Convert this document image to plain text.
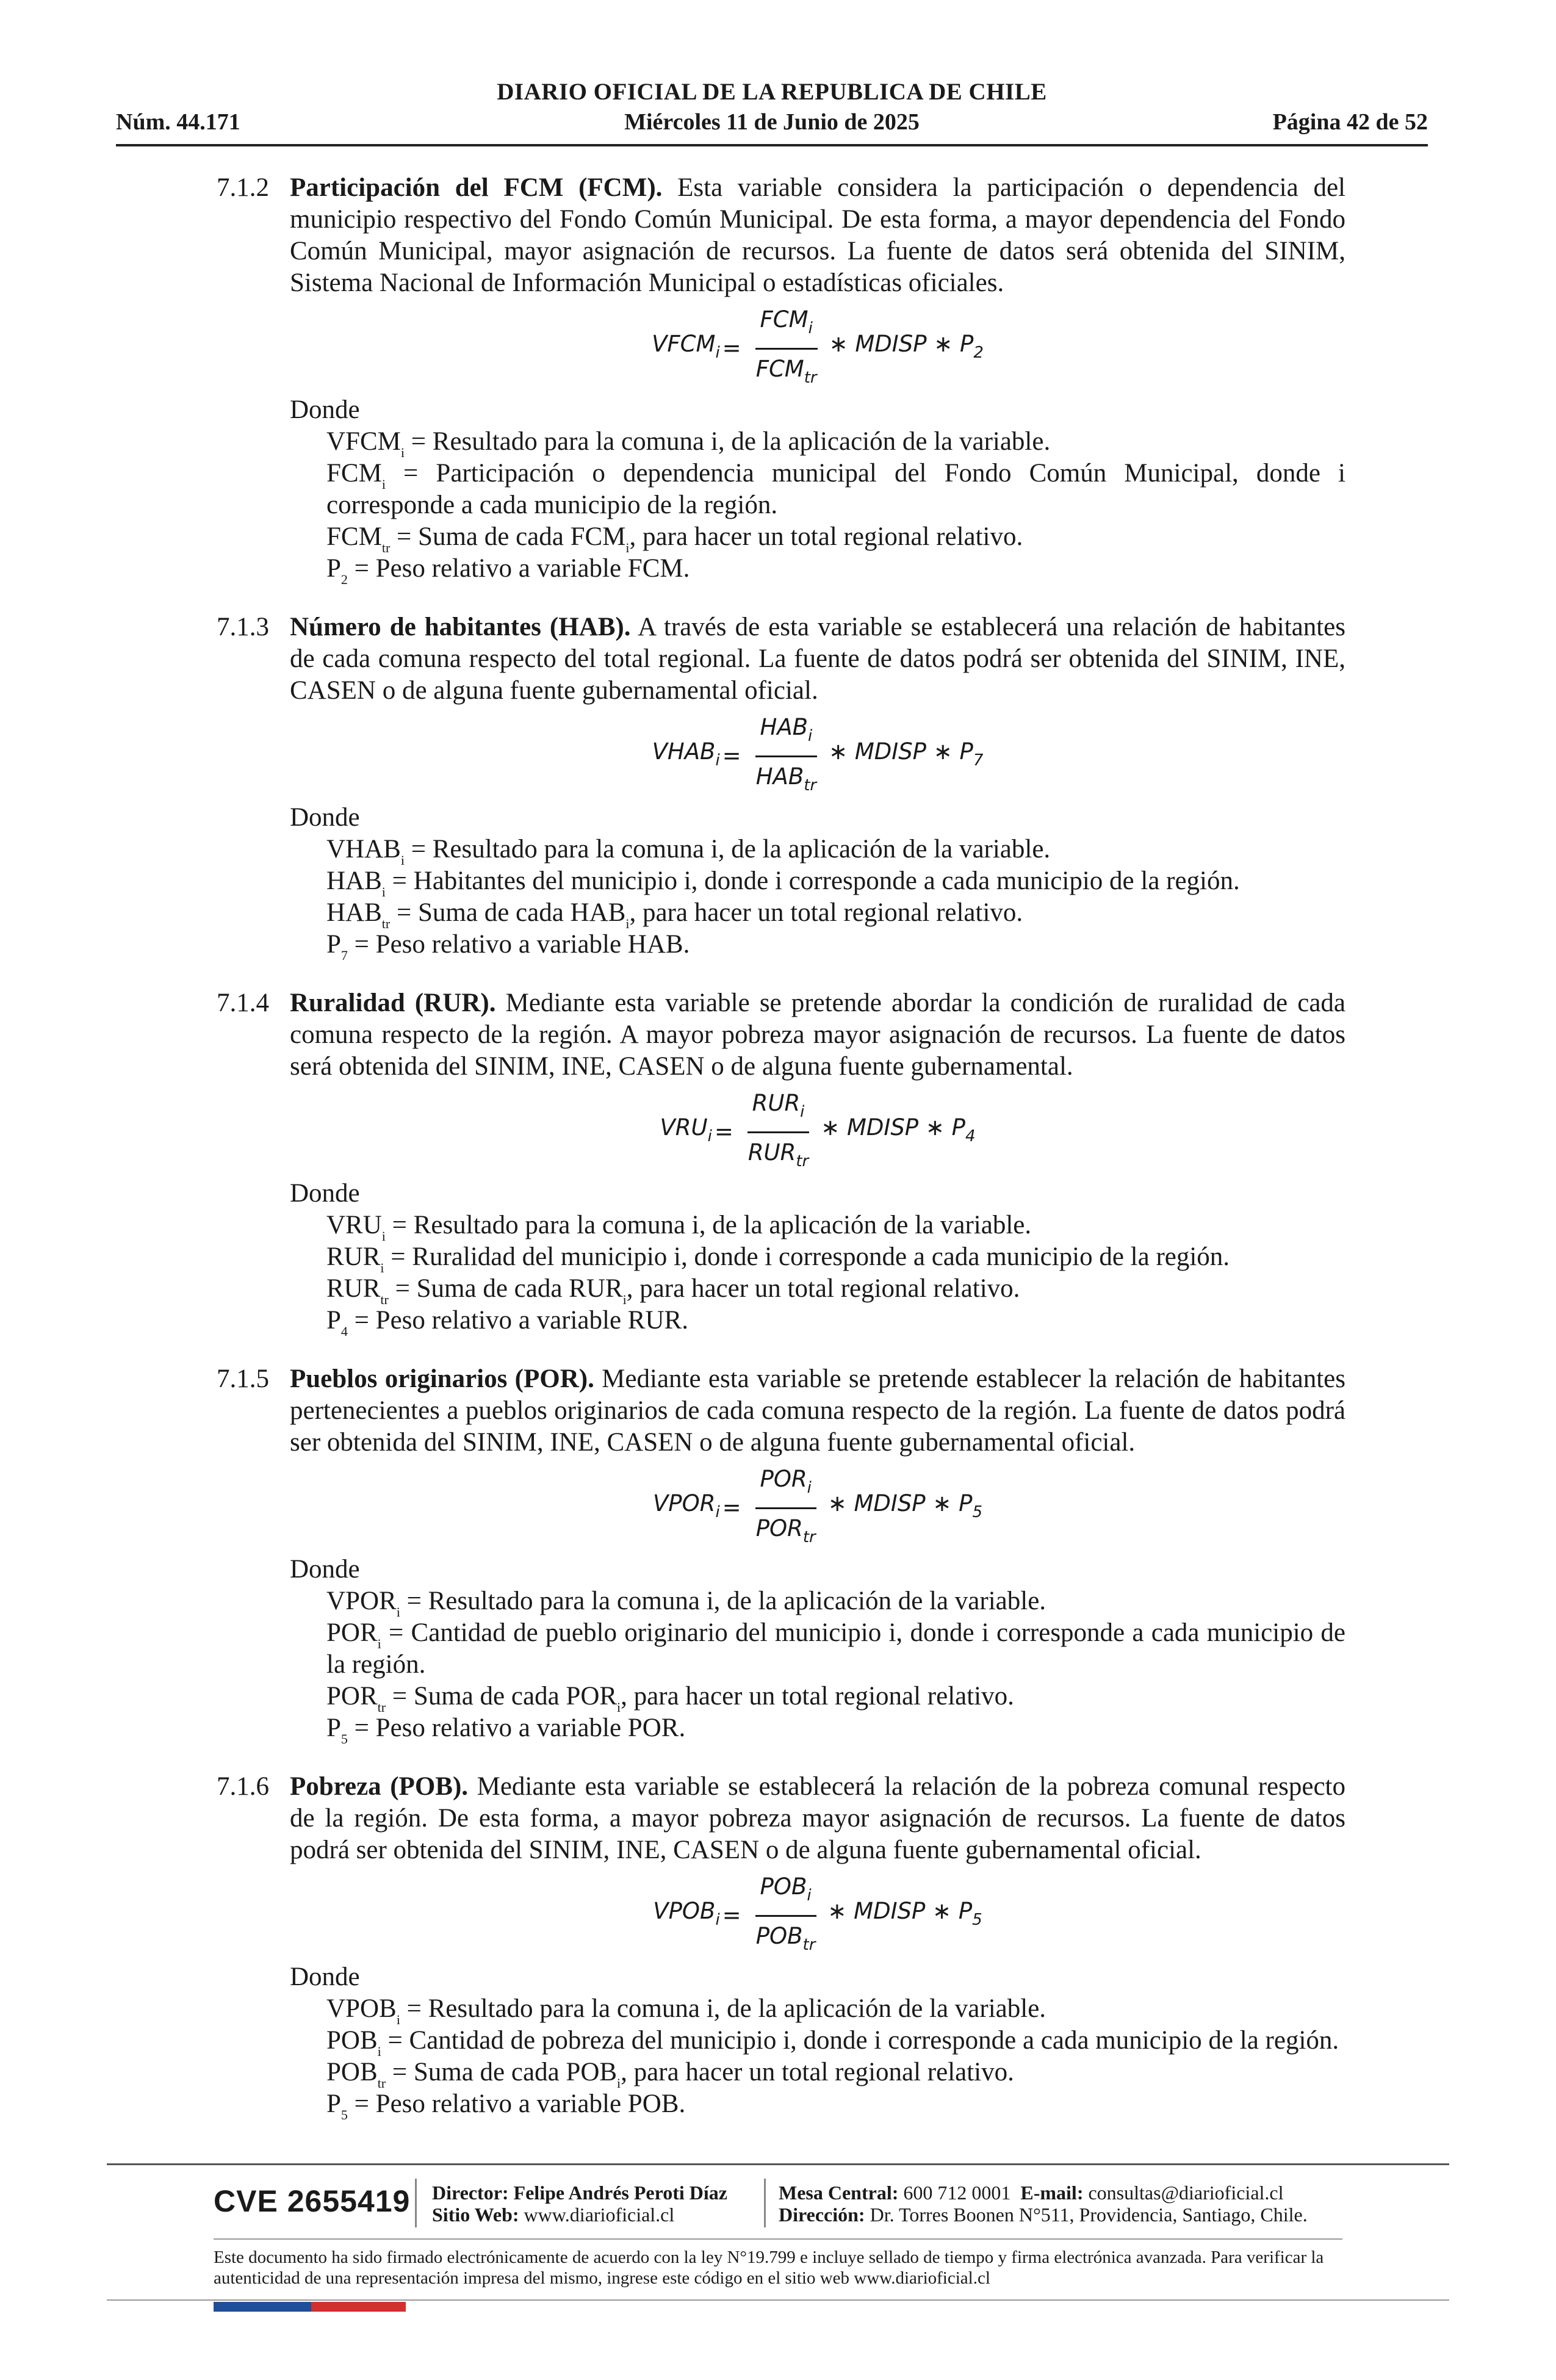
DIARIO OFICIAL DE LA REPUBLICA DE CHILE
Núm. 44.171	Miércoles 11 de Junio de 2025	Página 42 de 52
7.1.2 Participación del FCM (FCM). Esta variable considera la participación o dependencia del municipio respectivo del Fondo Común Municipal. De esta forma, a mayor dependencia del Fondo Común Municipal, mayor asignación de recursos. La fuente de datos será obtenida del SINIM, Sistema Nacional de Información Municipal o estadísticas oficiales.
$VFCM_i = \frac{FCM_i}{FCM_{tr}}$ ∗ MDISP ∗ $P_2$
Donde
$VFCM_i$ = Resultado para la comuna i, de la aplicación de la variable.
$FCM_i$ = Participación o dependencia municipal del Fondo Común Municipal, donde i corresponde a cada municipio de la región.
$FCM_{tr}$ = Suma de cada $FCM_i$, para hacer un total regional relativo.
$P_2$ = Peso relativo a variable FCM.
7.1.3 Número de habitantes (HAB). A través de esta variable se establecerá una relación de habitantes de cada comuna respecto del total regional. La fuente de datos podrá ser obtenida del SINIM, INE, CASEN o de alguna fuente gubernamental oficial.
$VHAB_i = \frac{HAB_i}{HAB_{tr}}$ ∗ MDISP ∗ $P_7$
Donde
$VHAB_i$ = Resultado para la comuna i, de la aplicación de la variable.
$HAB_i$ = Habitantes del municipio i, donde i corresponde a cada municipio de la región.
$HAB_{tr}$ = Suma de cada $HAB_i$, para hacer un total regional relativo.
$P_7$ = Peso relativo a variable HAB.
7.1.4 Ruralidad (RUR). Mediante esta variable se pretende abordar la condición de ruralidad de cada comuna respecto de la región. A mayor pobreza mayor asignación de recursos. La fuente de datos será obtenida del SINIM, INE, CASEN o de alguna fuente gubernamental.
$VRU_i = \frac{RUR_i}{RUR_{tr}}$ ∗ MDISP ∗ $P_4$
Donde
$VRU_i$ = Resultado para la comuna i, de la aplicación de la variable.
$RUR_i$ = Ruralidad del municipio i, donde i corresponde a cada municipio de la región.
$RUR_{tr}$ = Suma de cada $RUR_i$, para hacer un total regional relativo.
$P_4$ = Peso relativo a variable RUR.
7.1.5 Pueblos originarios (POR). Mediante esta variable se pretende establecer la relación de habitantes pertenecientes a pueblos originarios de cada comuna respecto de la región. La fuente de datos podrá ser obtenida del SINIM, INE, CASEN o de alguna fuente gubernamental oficial.
$VPOR_i = \frac{POR_i}{POR_{tr}}$ ∗ MDISP ∗ $P_5$
Donde
$VPOR_i$ = Resultado para la comuna i, de la aplicación de la variable.
$POR_i$ = Cantidad de pueblo originario del municipio i, donde i corresponde a cada municipio de la región.
$POR_{tr}$ = Suma de cada $POR_i$, para hacer un total regional relativo.
$P_5$ = Peso relativo a variable POR.
7.1.6 Pobreza (POB). Mediante esta variable se establecerá la relación de la pobreza comunal respecto de la región. De esta forma, a mayor pobreza mayor asignación de recursos. La fuente de datos podrá ser obtenida del SINIM, INE, CASEN o de alguna fuente gubernamental oficial.
$VPOB_i = \frac{POB_i}{POB_{tr}}$ ∗ MDISP ∗ $P_5$
Donde
$VPOB_i$ = Resultado para la comuna i, de la aplicación de la variable.
$POB_i$ = Cantidad de pobreza del municipio i, donde i corresponde a cada municipio de la región.
$POB_{tr}$ = Suma de cada $POB_i$, para hacer un total regional relativo.
$P_5$ = Peso relativo a variable POB.
CVE 2655419 Director: Felipe Andrés Peroti Díaz
Sitio Web: www.diarioficial.cl
Mesa Central: 600 712 0001 E-mail: consultas@diarioficial.cl
Dirección: Dr. Torres Boonen N°511, Providencia, Santiago, Chile.
Este documento ha sido firmado electrónicamente de acuerdo con la ley N°19.799 e incluye sellado de tiempo y firma electrónica avanzada. Para verificar la autenticidad de una representación impresa del mismo, ingrese este código en el sitio web www.diarioficial.cl
